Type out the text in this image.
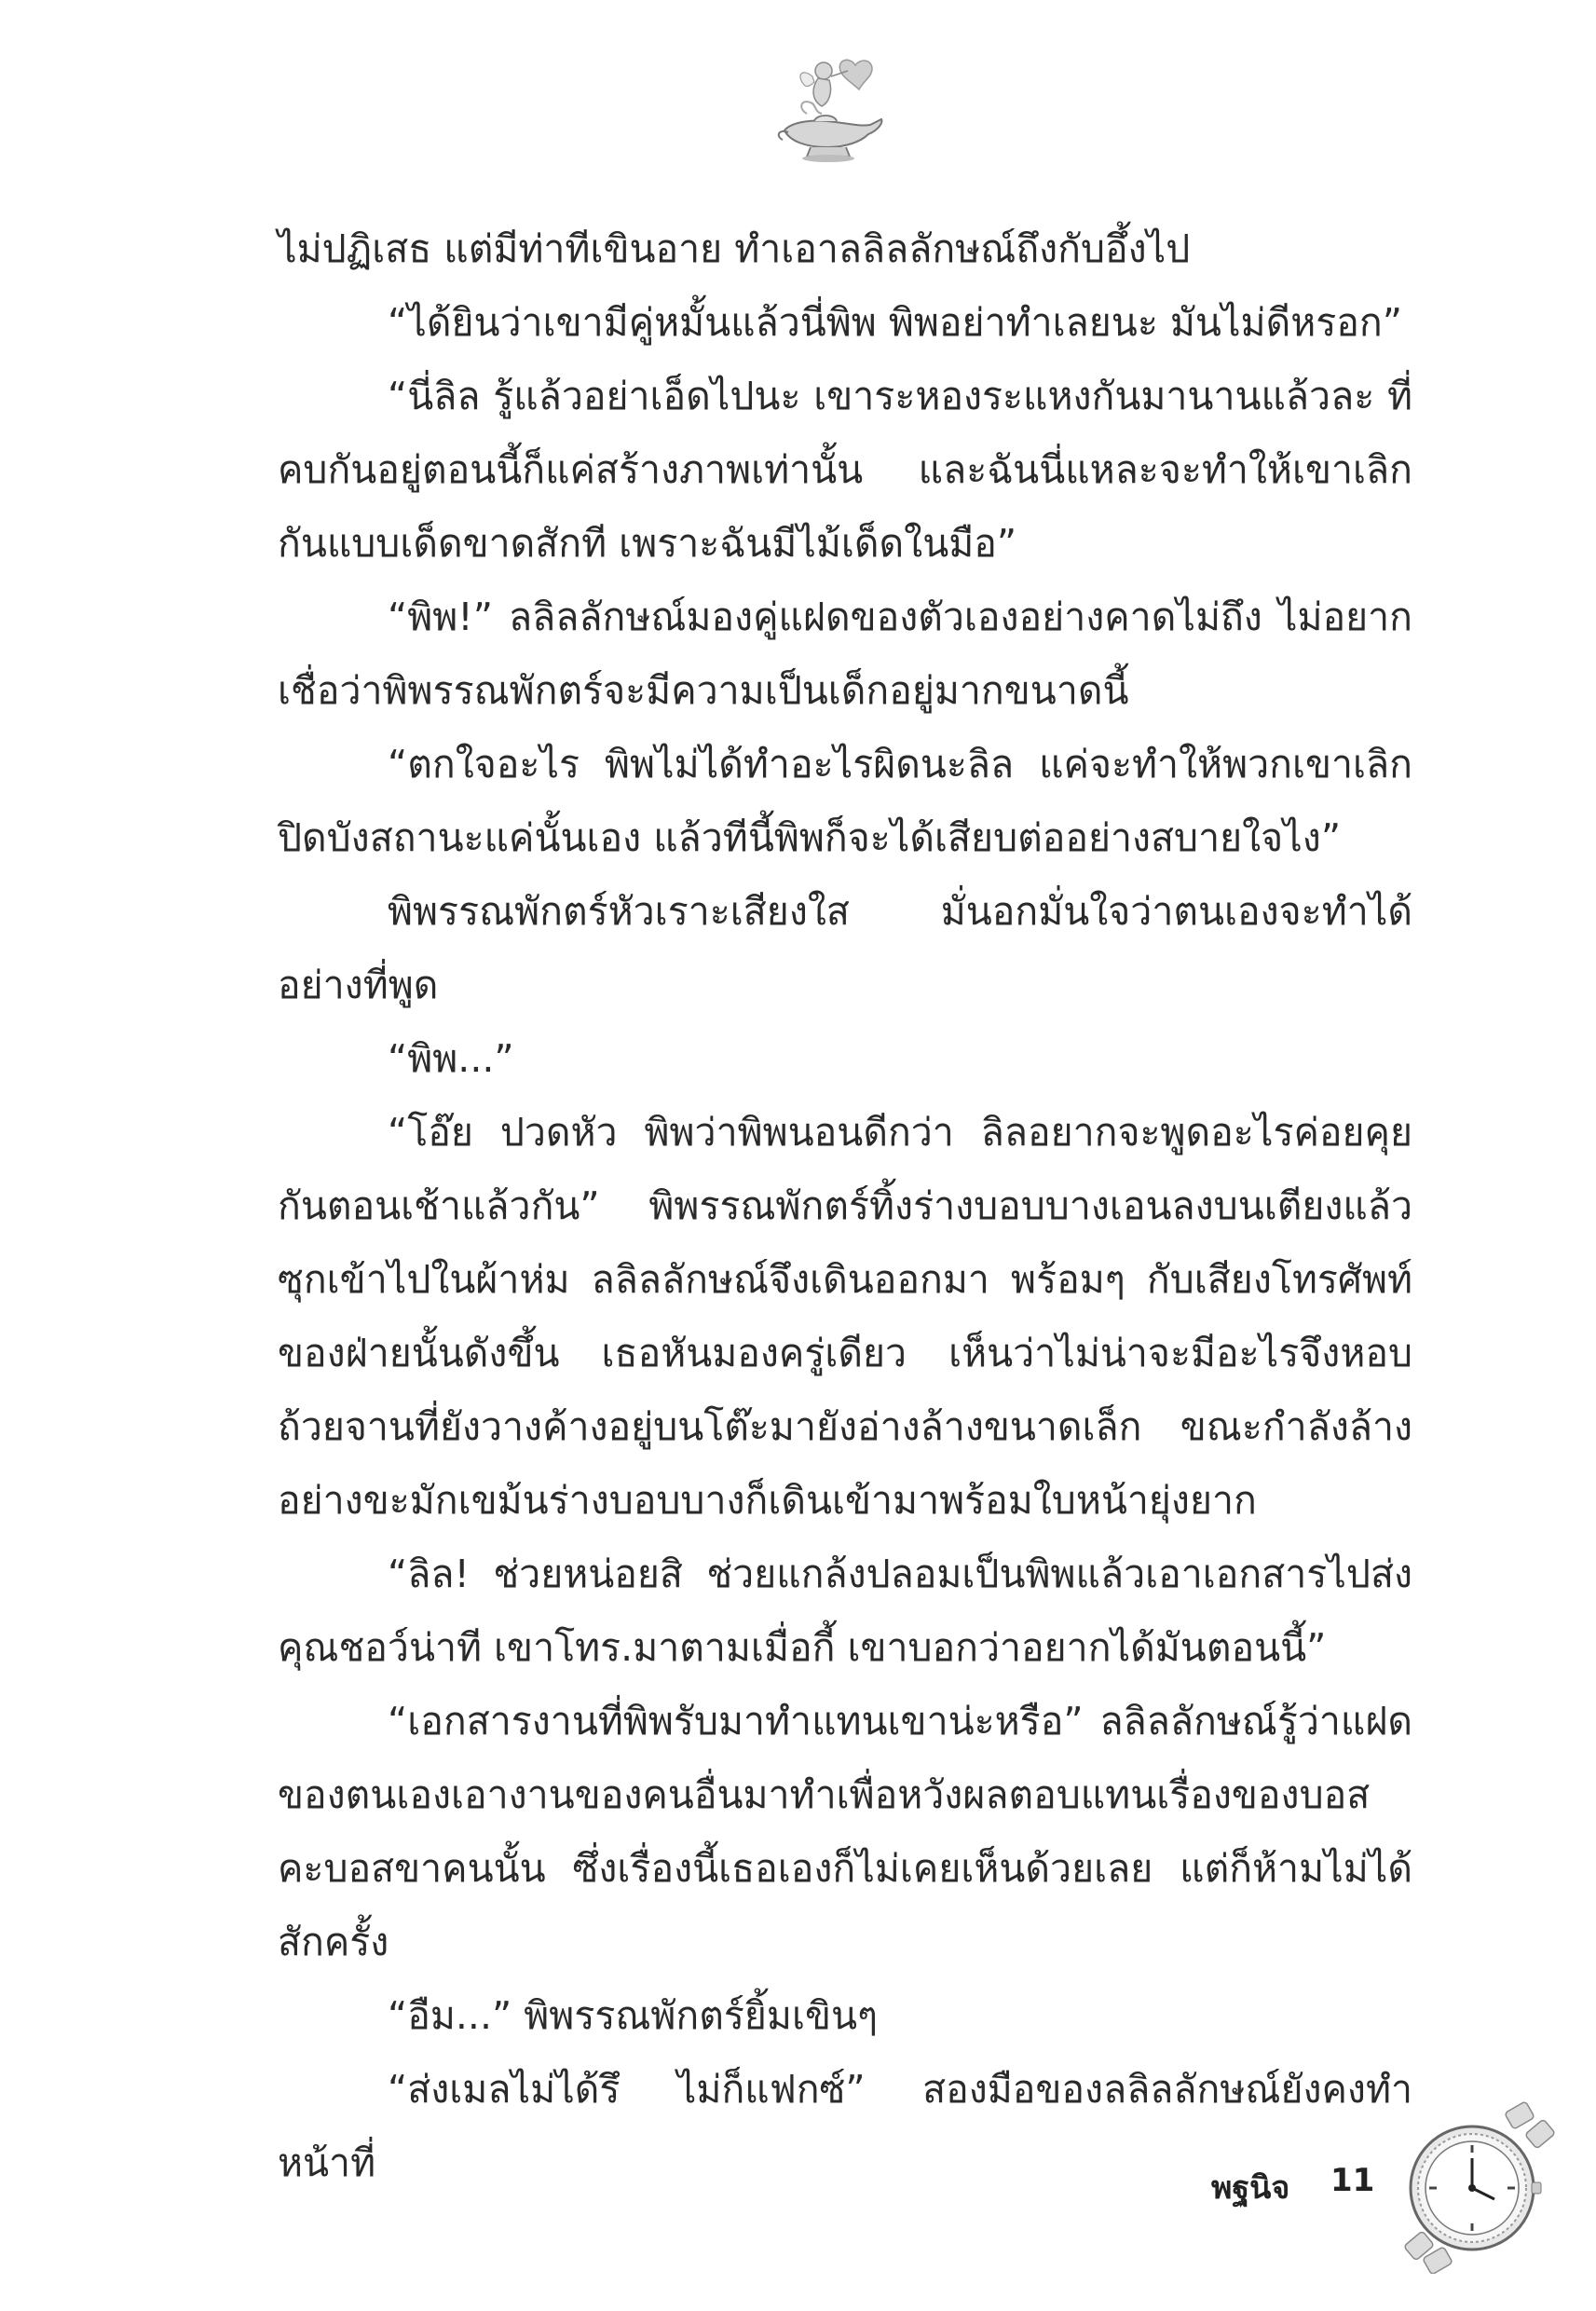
ไม่ปฏิเสธ แต่มีท่าทีเขินอาย ทำเอาลลิลลักษณ์ถึงกับอึ้งไป

“ได้ยินว่าเขามีคู่หมั้นแล้วนี่พิพ พิพอย่าทำเลยนะ มันไม่ดีหรอก”

“นี่ลิล รู้แล้วอย่าเอ็ดไปนะ เขาระหองระแหงกันมานานแล้วละ ที่คบกันอยู่ตอนนี้ก็แค่สร้างภาพเท่านั้น และฉันนี่แหละจะทำให้เขาเลิกกันแบบเด็ดขาดสักที เพราะฉันมีไม้เด็ดในมือ”

“พิพ!” ลลิลลักษณ์มองคู่แฝดของตัวเองอย่างคาดไม่ถึง ไม่อยากเชื่อว่าพิพรรณพักตร์จะมีความเป็นเด็กอยู่มากขนาดนี้

“ตกใจอะไร พิพไม่ได้ทำอะไรผิดนะลิล แค่จะทำให้พวกเขาเลิกปิดบังสถานะแค่นั้นเอง แล้วทีนี้พิพก็จะได้เสียบต่ออย่างสบายใจไง”

พิพรรณพักตร์หัวเราะเสียงใส มั่นอกมั่นใจว่าตนเองจะทำได้อย่างที่พูด

“พิพ...”

“โอ๊ย ปวดหัว พิพว่าพิพนอนดีกว่า ลิลอยากจะพูดอะไรค่อยคุยกันตอนเช้าแล้วกัน” พิพรรณพักตร์ทิ้งร่างบอบบางเอนลงบนเตียงแล้วซุกเข้าไปในผ้าห่ม ลลิลลักษณ์จึงเดินออกมา พร้อมๆ กับเสียงโทรศัพท์ของฝ่ายนั้นดังขึ้น เธอหันมองครู่เดียว เห็นว่าไม่น่าจะมีอะไรจึงหอบถ้วยจานที่ยังวางค้างอยู่บนโต๊ะมายังอ่างล้างขนาดเล็ก ขณะกำลังล้างอย่างขะมักเขม้นร่างบอบบางก็เดินเข้ามาพร้อมใบหน้ายุ่งยาก

“ลิล! ช่วยหน่อยสิ ช่วยแกล้งปลอมเป็นพิพแล้วเอาเอกสารไปส่งคุณชอว์น่าที เขาโทร.มาตามเมื่อกี้ เขาบอกว่าอยากได้มันตอนนี้”

“เอกสารงานที่พิพรับมาทำแทนเขาน่ะหรือ” ลลิลลักษณ์รู้ว่าแฝดของตนเองเอางานของคนอื่นมาทำเพื่อหวังผลตอบแทนเรื่องของบอสคะบอสขาคนนั้น ซึ่งเรื่องนี้เธอเองก็ไม่เคยเห็นด้วยเลย แต่ก็ห้ามไม่ได้สักครั้ง

“อืม...” พิพรรณพักตร์ยิ้มเขินๆ

“ส่งเมลไม่ได้รึ ไม่ก็แฟกซ์” สองมือของลลิลลักษณ์ยังคงทำหน้าที่

พฐนิจ 11
